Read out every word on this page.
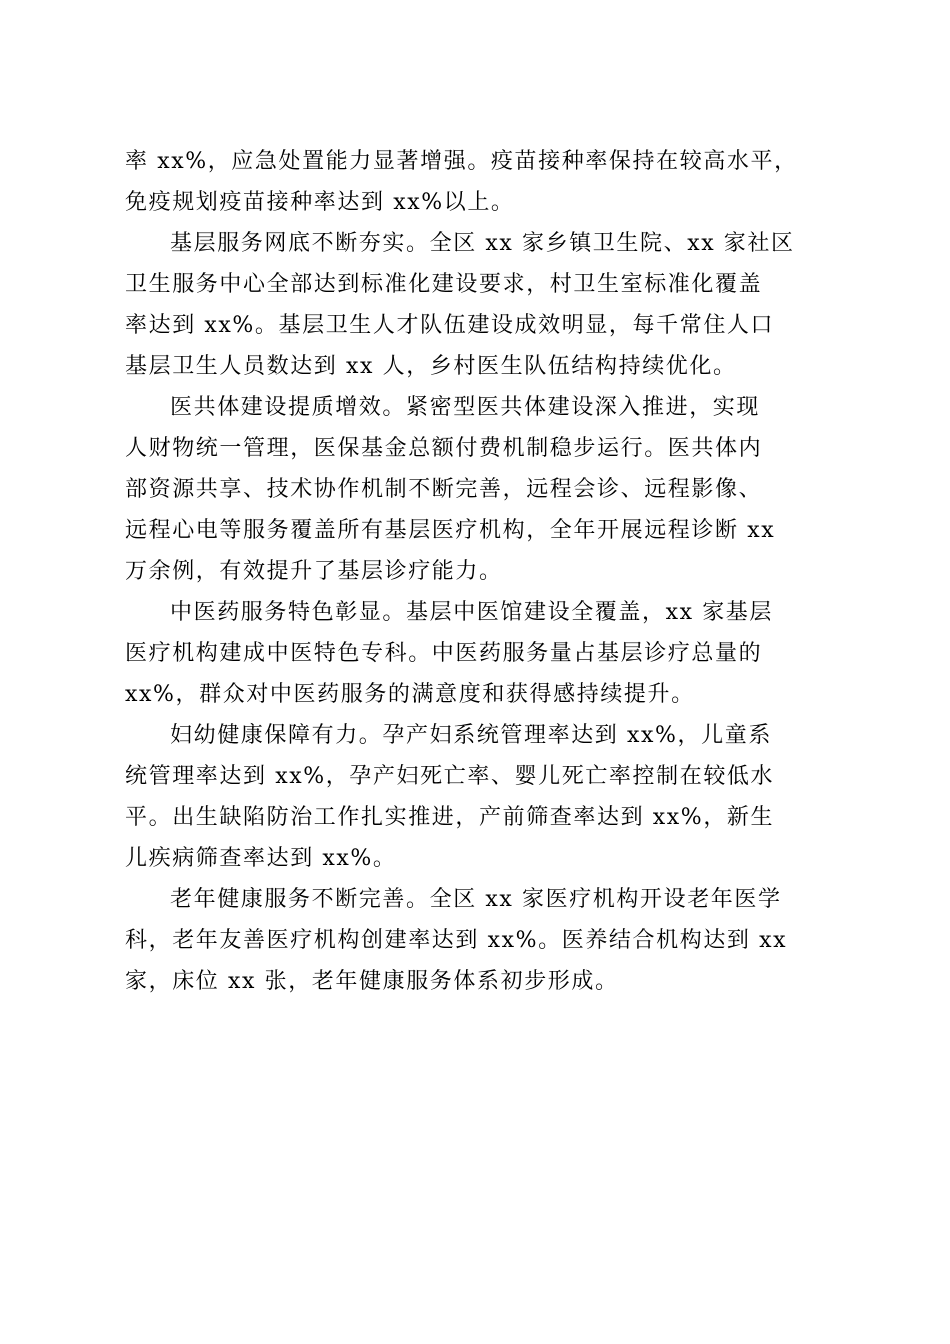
率 xx%，应急处置能力显著增强。疫苗接种率保持在较高水平，
免疫规划疫苗接种率达到 xx%以上。
基层服务网底不断夯实。全区 xx 家乡镇卫生院、xx 家社区
卫生服务中心全部达到标准化建设要求，村卫生室标准化覆盖
率达到 xx%。基层卫生人才队伍建设成效明显，每千常住人口
基层卫生人员数达到 xx 人，乡村医生队伍结构持续优化。
医共体建设提质增效。紧密型医共体建设深入推进，实现
人财物统一管理，医保基金总额付费机制稳步运行。医共体内
部资源共享、技术协作机制不断完善，远程会诊、远程影像、
远程心电等服务覆盖所有基层医疗机构，全年开展远程诊断 xx
万余例，有效提升了基层诊疗能力。
中医药服务特色彰显。基层中医馆建设全覆盖，xx 家基层
医疗机构建成中医特色专科。中医药服务量占基层诊疗总量的
xx%，群众对中医药服务的满意度和获得感持续提升。
妇幼健康保障有力。孕产妇系统管理率达到 xx%，儿童系
统管理率达到 xx%，孕产妇死亡率、婴儿死亡率控制在较低水
平。出生缺陷防治工作扎实推进，产前筛查率达到 xx%，新生
儿疾病筛查率达到 xx%。
老年健康服务不断完善。全区 xx 家医疗机构开设老年医学
科，老年友善医疗机构创建率达到 xx%。医养结合机构达到 xx
家，床位 xx 张，老年健康服务体系初步形成。
